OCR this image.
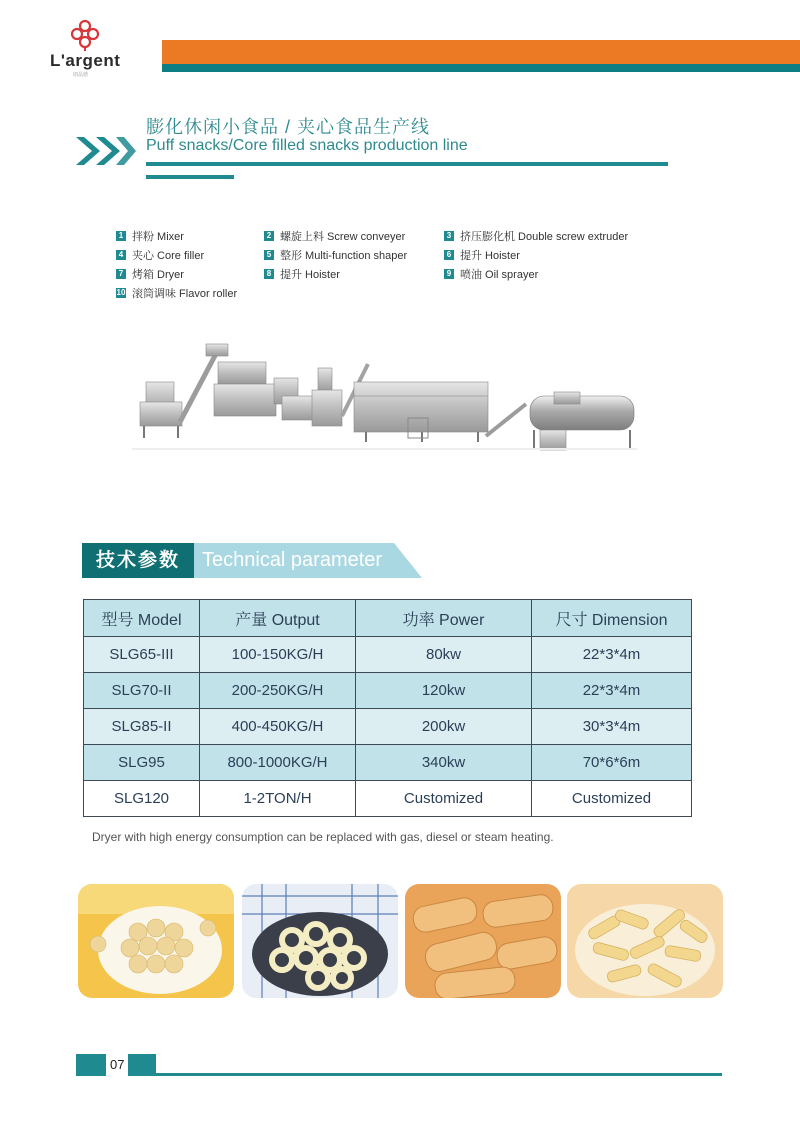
L'argent
朗晶德
膨化休闲小食品 / 夹心食品生产线
Puff snacks/Core filled snacks production line
1 拌粉 Mixer	2 螺旋上料 Screw conveyer	3 挤压膨化机 Double screw extruder
4 夹心 Core filler	5 整形 Multi-function shaper	6 提升 Hoister
7 烤箱 Dryer	8 提升 Hoister	9 喷油 Oil sprayer
10 滚筒调味 Flavor roller
技术参数	Technical parameter
型号 Model	产量 Output	功率 Power	尺寸 Dimension
SLG65-III	100-150KG/H	80kw	22*3*4m
SLG70-II	200-250KG/H	120kw	22*3*4m
SLG85-II	400-450KG/H	200kw	30*3*4m
SLG95	800-1000KG/H	340kw	70*6*6m
SLG120	1-2TON/H	Customized	Customized
Dryer with high energy consumption can be replaced with gas, diesel or steam heating.
07
